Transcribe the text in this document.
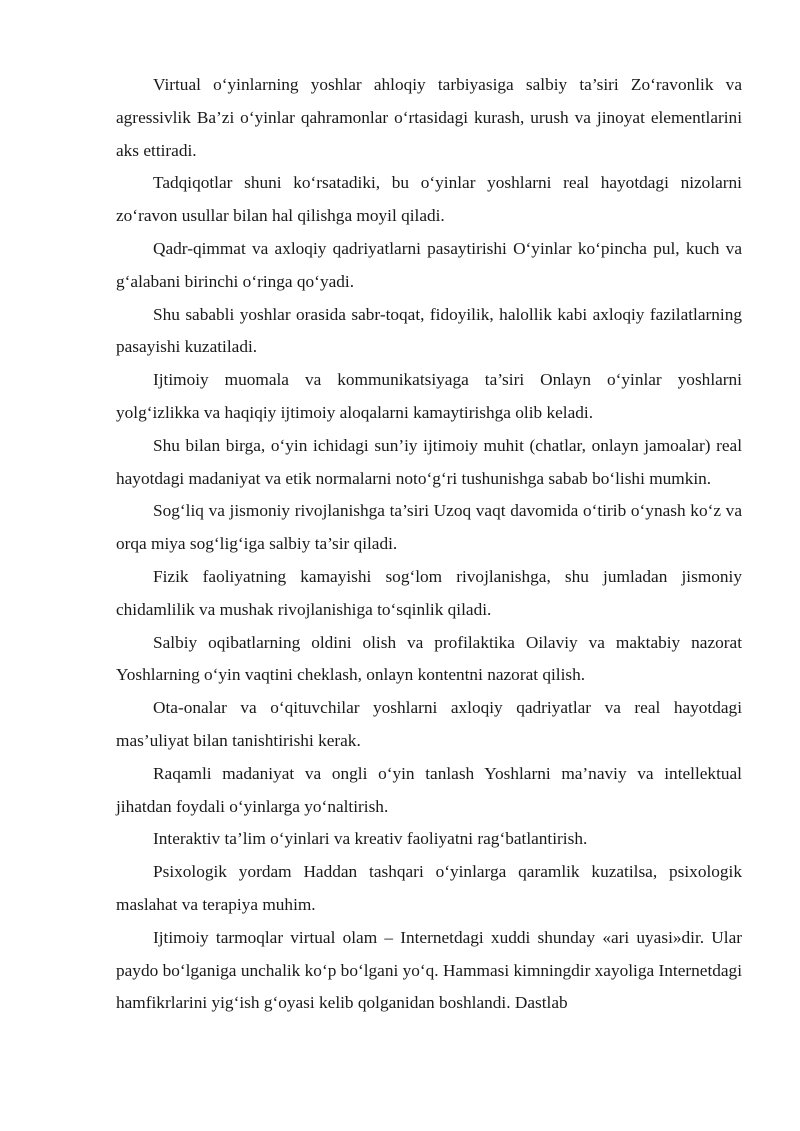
Virtual o‘yinlarning yoshlar ahloqiy tarbiyasiga salbiy ta’siri Zo‘ravonlik va agressivlik Ba’zi o‘yinlar qahramonlar o‘rtasidagi kurash, urush va jinoyat elementlarini aks ettiradi.

Tadqiqotlar shuni ko‘rsatadiki, bu o‘yinlar yoshlarni real hayotdagi nizolarni zo‘ravon usullar bilan hal qilishga moyil qiladi.

Qadr-qimmat va axloqiy qadriyatlarni pasaytirishi O‘yinlar ko‘pincha pul, kuch va g‘alabani birinchi o‘ringa qo‘yadi.

Shu sababli yoshlar orasida sabr-toqat, fidoyilik, halollik kabi axloqiy fazilatlarning pasayishi kuzatiladi.

Ijtimoiy muomala va kommunikatsiyaga ta’siri Onlayn o‘yinlar yoshlarni yolg‘izlikka va haqiqiy ijtimoiy aloqalarni kamaytirishga olib keladi.

Shu bilan birga, o‘yin ichidagi sun’iy ijtimoiy muhit (chatlar, onlayn jamoalar) real hayotdagi madaniyat va etik normalarni noto‘g‘ri tushunishga sabab bo‘lishi mumkin.

Sog‘liq va jismoniy rivojlanishga ta’siri Uzoq vaqt davomida o‘tirib o‘ynash ko‘z va orqa miya sog‘lig‘iga salbiy ta’sir qiladi.

Fizik faoliyatning kamayishi sog‘lom rivojlanishga, shu jumladan jismoniy chidamlilik va mushak rivojlanishiga to‘sqinlik qiladi.

Salbiy oqibatlarning oldini olish va profilaktika Oilaviy va maktabiy nazorat Yoshlarning o‘yin vaqtini cheklash, onlayn kontentni nazorat qilish.

Ota-onalar va o‘qituvchilar yoshlarni axloqiy qadriyatlar va real hayotdagi mas’uliyat bilan tanishtirishi kerak.

Raqamli madaniyat va ongli o‘yin tanlash Yoshlarni ma’naviy va intellektual jihatdan foydali o‘yinlarga yo‘naltirish.

Interaktiv ta’lim o‘yinlari va kreativ faoliyatni rag‘batlantirish.

Psixologik yordam Haddan tashqari o‘yinlarga qaramlik kuzatilsa, psixologik maslahat va terapiya muhim.

Ijtimoiy tarmoqlar virtual olam – Internetdagi xuddi shunday «ari uyasi»dir. Ular paydo bo‘lganiga unchalik ko‘p bo‘lgani yo‘q. Hammasi kimningdir xayoliga Internetdagi hamfikrlarini yig‘ish g‘oyasi kelib qolganidan boshlandi. Dastlab
